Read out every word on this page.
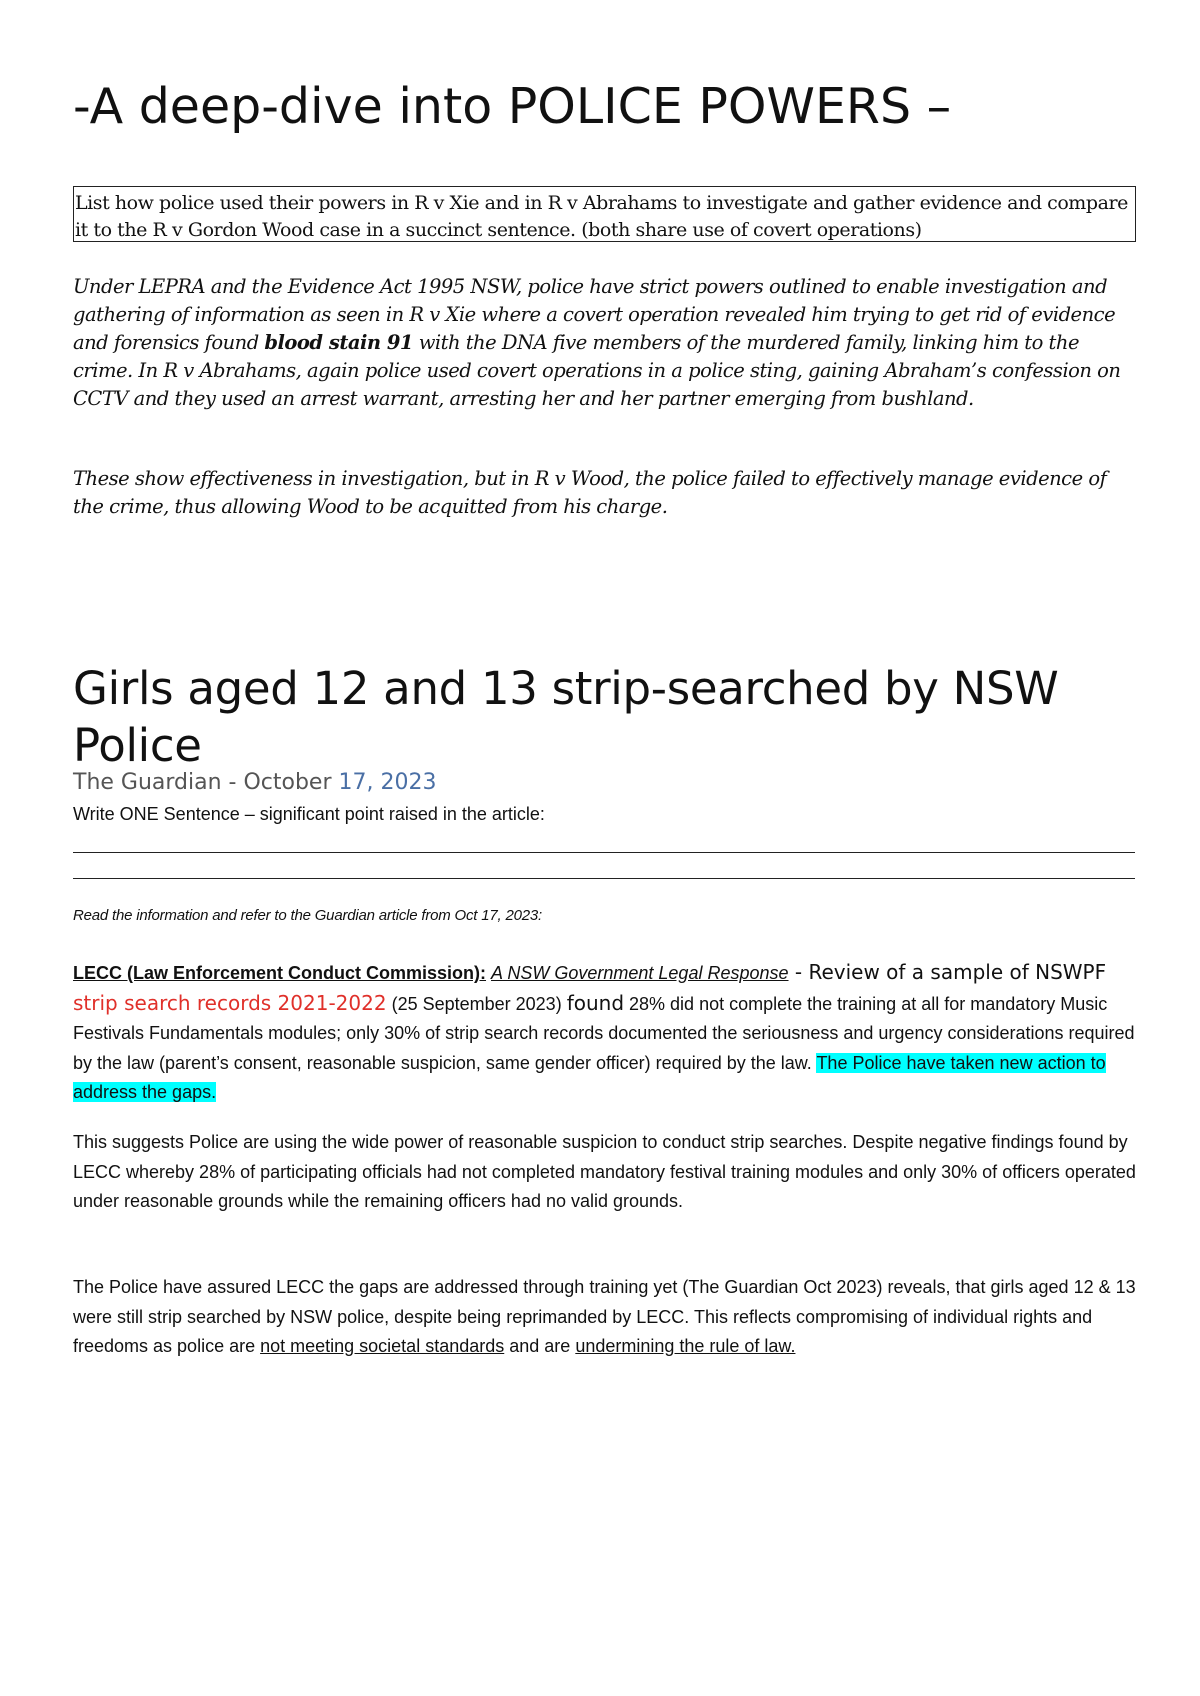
-A deep-dive into POLICE POWERS –
List how police used their powers in R v Xie and in R v Abrahams to investigate and gather evidence and compare it to the R v Gordon Wood case in a succinct sentence. (both share use of covert operations)

Under LEPRA and the Evidence Act 1995 NSW, police have strict powers outlined to enable investigation and gathering of information as seen in R v Xie where a covert operation revealed him trying to get rid of evidence and forensics found blood stain 91 with the DNA five members of the murdered family, linking him to the crime. In R v Abrahams, again police used covert operations in a police sting, gaining Abraham’s confession on CCTV and they used an arrest warrant, arresting her and her partner emerging from bushland.

These show effectiveness in investigation, but in R v Wood, the police failed to effectively manage evidence of the crime, thus allowing Wood to be acquitted from his charge.

Girls aged 12 and 13 strip-searched by NSW Police
The Guardian - October 17, 2023
Write ONE Sentence – significant point raised in the article:
Read the information and refer to the Guardian article from Oct 17, 2023:

LECC (Law Enforcement Conduct Commission): A NSW Government Legal Response - Review of a sample of NSWPF strip search records 2021-2022 (25 September 2023) found 28% did not complete the training at all for mandatory Music Festivals Fundamentals modules; only 30% of strip search records documented the seriousness and urgency considerations required by the law (parent’s consent, reasonable suspicion, same gender officer) required by the law. The Police have taken new action to address the gaps.

This suggests Police are using the wide power of reasonable suspicion to conduct strip searches. Despite negative findings found by LECC whereby 28% of participating officials had not completed mandatory festival training modules and only 30% of officers operated under reasonable grounds while the remaining officers had no valid grounds.

The Police have assured LECC the gaps are addressed through training yet (The Guardian Oct 2023) reveals, that girls aged 12 & 13 were still strip searched by NSW police, despite being reprimanded by LECC. This reflects compromising of individual rights and freedoms as police are not meeting societal standards and are undermining the rule of law.
